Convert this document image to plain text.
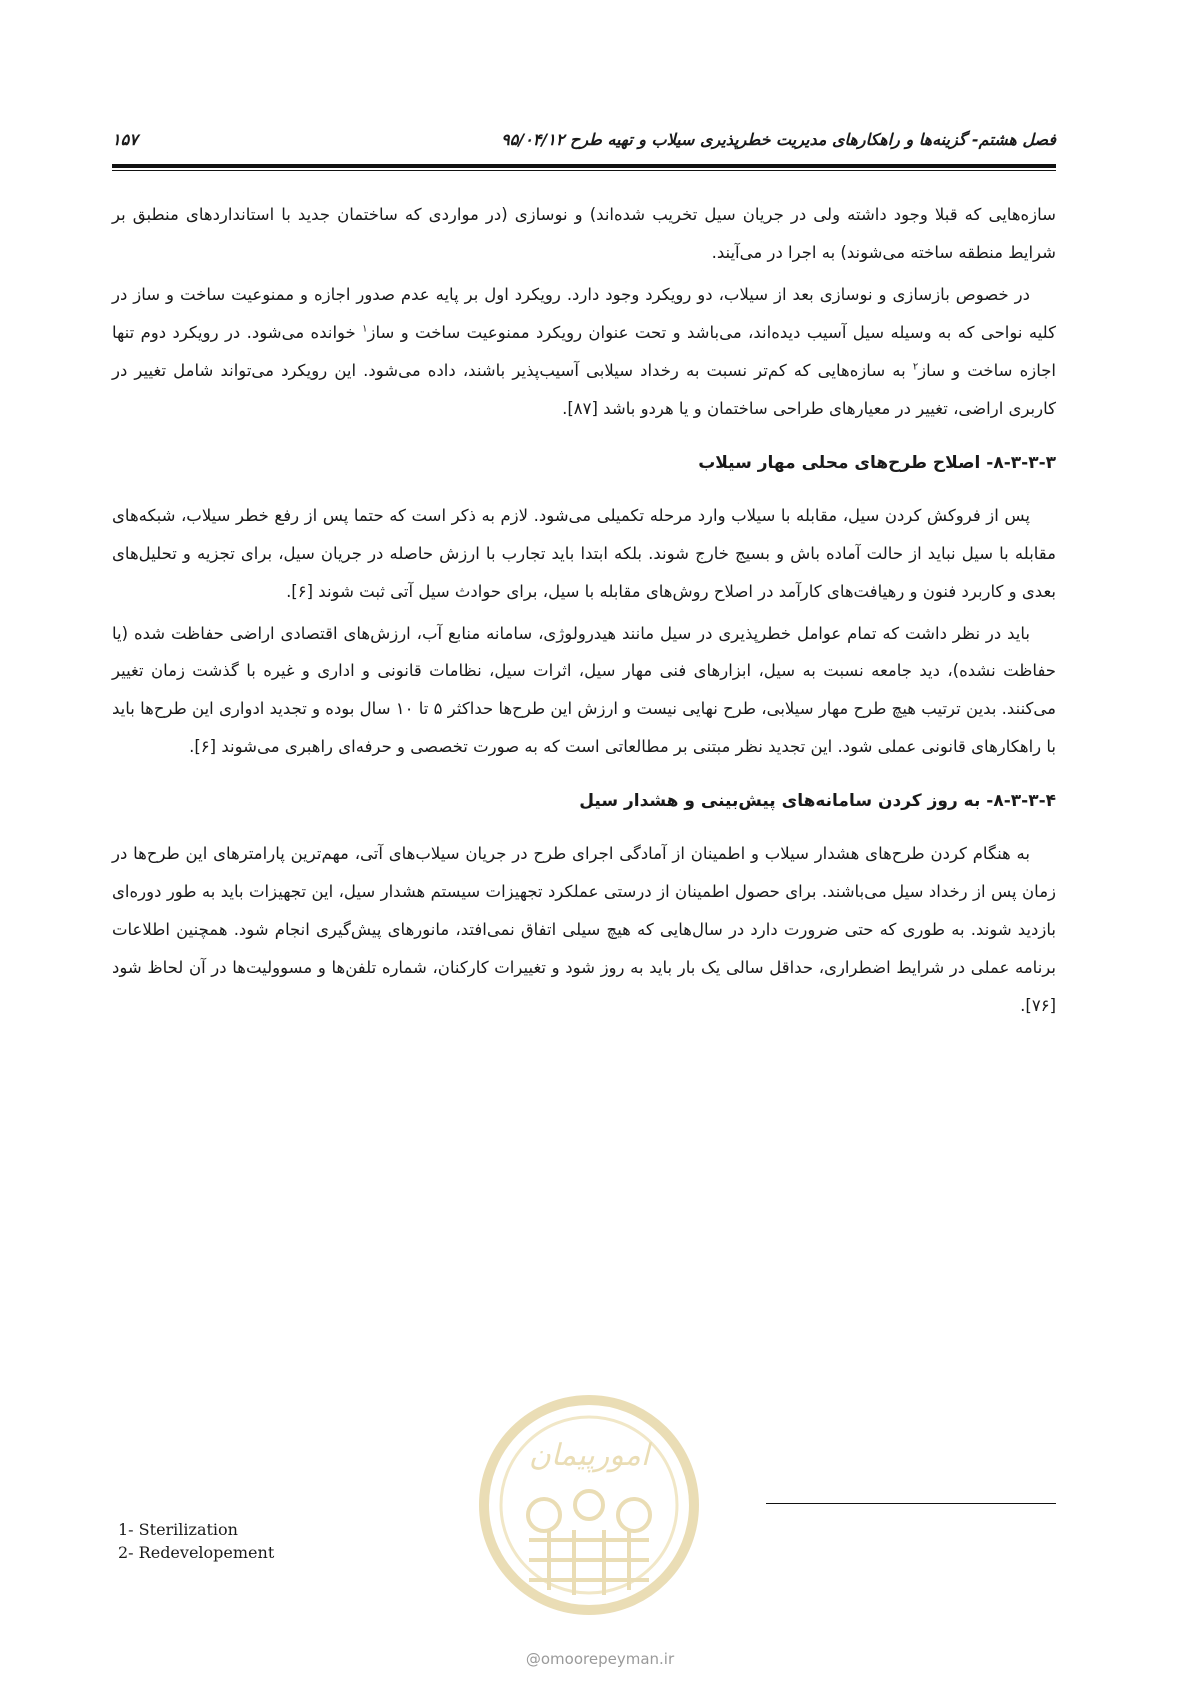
فصل هشتم- گزینه‌ها و راهکارهای مدیریت خطرپذیری سیلاب و تهیه طرح ۹۵/۰۴/۱۲
۱۵۷

سازه‌هایی که قبلا وجود داشته ولی در جریان سیل تخریب شده‌اند) و نوسازی (در مواردی که ساختمان جدید با استانداردهای منطبق بر شرایط منطقه ساخته می‌شوند) به اجرا در می‌آیند.

در خصوص بازسازی و نوسازی بعد از سیلاب، دو رویکرد وجود دارد. رویکرد اول بر پایه عدم صدور اجازه و ممنوعیت ساخت و ساز در کلیه نواحی که به وسیله سیل آسیب دیده‌اند، می‌باشد و تحت عنوان رویکرد ممنوعیت ساخت و ساز$^۱$ خوانده می‌شود. در رویکرد دوم تنها اجازه ساخت و ساز$^۲$ به سازه‌هایی که کم‌تر نسبت به رخداد سیلابی آسیب‌پذیر باشند، داده می‌شود. این رویکرد می‌تواند شامل تغییر در کاربری اراضی، تغییر در معیارهای طراحی ساختمان و یا هردو باشد [۸۷].

۸-۳-۳-۳- اصلاح طرح‌های محلی مهار سیلاب

پس از فروکش کردن سیل، مقابله با سیلاب وارد مرحله تکمیلی می‌شود. لازم به ذکر است که حتما پس از رفع خطر سیلاب، شبکه‌های مقابله با سیل نباید از حالت آماده باش و بسیج خارج شوند. بلکه ابتدا باید تجارب با ارزش حاصله در جریان سیل، برای تجزیه و تحلیل‌های بعدی و کاربرد فنون و رهیافت‌های کارآمد در اصلاح روش‌های مقابله با سیل، برای حوادث سیل آتی ثبت شوند [۶].

باید در نظر داشت که تمام عوامل خطرپذیری در سیل مانند هیدرولوژی، سامانه منابع آب، ارزش‌های اقتصادی اراضی حفاظت شده (یا حفاظت نشده)، دید جامعه نسبت به سیل، ابزارهای فنی مهار سیل، اثرات سیل، نظامات قانونی و اداری و غیره با گذشت زمان تغییر می‌کنند. بدین ترتیب هیچ طرح مهار سیلابی، طرح نهایی نیست و ارزش این طرح‌ها حداکثر ۵ تا ۱۰ سال بوده و تجدید ادواری این طرح‌ها باید با راهکارهای قانونی عملی شود. این تجدید نظر مبتنی بر مطالعاتی است که به صورت تخصصی و حرفه‌ای راهبری می‌شوند [۶].

۸-۳-۳-۴- به روز کردن سامانه‌های پیش‌بینی و هشدار سیل

به هنگام کردن طرح‌های هشدار سیلاب و اطمینان از آمادگی اجرای طرح در جریان سیلاب‌های آتی، مهم‌ترین پارامترهای این طرح‌ها در زمان پس از رخداد سیل می‌باشند. برای حصول اطمینان از درستی عملکرد تجهیزات سیستم هشدار سیل، این تجهیزات باید به طور دوره‌ای بازدید شوند. به طوری که حتی ضرورت دارد در سال‌هایی که هیچ سیلی اتفاق نمی‌افتد، مانورهای پیش‌گیری انجام شود. همچنین اطلاعات برنامه عملی در شرایط اضطراری، حداقل سالی یک بار باید به روز شود و تغییرات کارکنان، شماره تلفن‌ها و مسوولیت‌ها در آن لحاظ شود [۷۶].

امورپیمان
@omoorepeyman.ir
1- Sterilization
2- Redevelopement
